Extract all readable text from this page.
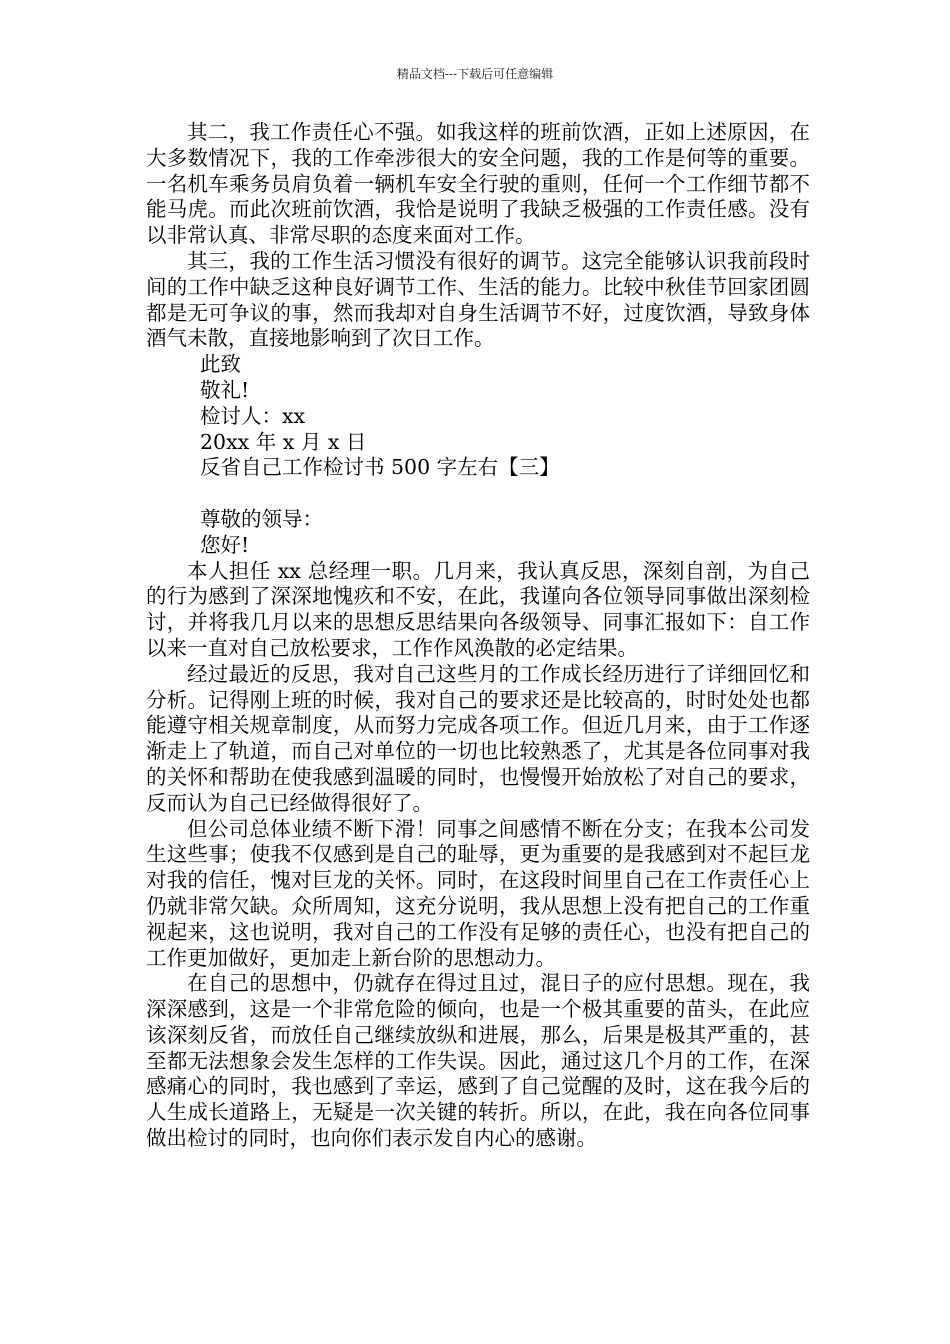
精品文档---下载后可任意编辑

其二，我工作责任心不强。如我这样的班前饮酒，正如上述原因，在大多数情况下，我的工作牵涉很大的安全问题，我的工作是何等的重要。一名机车乘务员肩负着一辆机车安全行驶的重则，任何一个工作细节都不能马虎。而此次班前饮酒，我恰是说明了我缺乏极强的工作责任感。没有以非常认真、非常尽职的态度来面对工作。

其三，我的工作生活习惯没有很好的调节。这完全能够认识我前段时间的工作中缺乏这种良好调节工作、生活的能力。比较中秋佳节回家团圆都是无可争议的事，然而我却对自身生活调节不好，过度饮酒，导致身体酒气未散，直接地影响到了次日工作。

此致

敬礼!

检讨人：xx

20xx 年 x 月 x 日

反省自己工作检讨书 500 字左右【三】

尊敬的领导：

您好!

本人担任 xx 总经理一职。几月来，我认真反思，深刻自剖，为自己的行为感到了深深地愧疚和不安，在此，我谨向各位领导同事做出深刻检讨，并将我几月以来的思想反思结果向各级领导、同事汇报如下：自工作以来一直对自己放松要求，工作作风涣散的必定结果。

经过最近的反思，我对自己这些月的工作成长经历进行了详细回忆和分析。记得刚上班的时候，我对自己的要求还是比较高的，时时处处也都能遵守相关规章制度，从而努力完成各项工作。但近几月来，由于工作逐渐走上了轨道，而自己对单位的一切也比较熟悉了，尤其是各位同事对我的关怀和帮助在使我感到温暖的同时，也慢慢开始放松了对自己的要求，反而认为自己已经做得很好了。

但公司总体业绩不断下滑！同事之间感情不断在分支；在我本公司发生这些事；使我不仅感到是自己的耻辱，更为重要的是我感到对不起巨龙对我的信任，愧对巨龙的关怀。同时，在这段时间里自己在工作责任心上仍就非常欠缺。众所周知，这充分说明，我从思想上没有把自己的工作重视起来，这也说明，我对自己的工作没有足够的责任心，也没有把自己的工作更加做好，更加走上新台阶的思想动力。

在自己的思想中，仍就存在得过且过，混日子的应付思想。现在，我深深感到，这是一个非常危险的倾向，也是一个极其重要的苗头，在此应该深刻反省，而放任自己继续放纵和进展，那么，后果是极其严重的，甚至都无法想象会发生怎样的工作失误。因此，通过这几个月的工作，在深感痛心的同时，我也感到了幸运，感到了自己觉醒的及时，这在我今后的人生成长道路上，无疑是一次关键的转折。所以，在此，我在向各位同事做出检讨的同时，也向你们表示发自内心的感谢。
